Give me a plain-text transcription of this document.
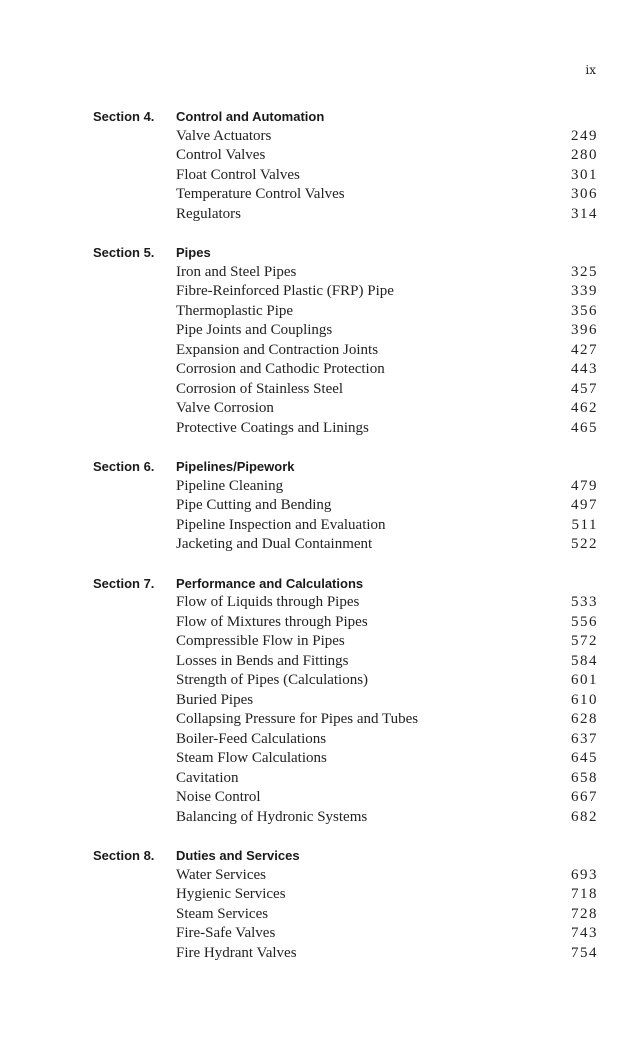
ix
Section 4.	Control and Automation
Valve Actuators	249
Control Valves	280
Float Control Valves	301
Temperature Control Valves	306
Regulators	314
Section 5.	Pipes
Iron and Steel Pipes	325
Fibre-Reinforced Plastic (FRP) Pipe	339
Thermoplastic Pipe	356
Pipe Joints and Couplings	396
Expansion and Contraction Joints	427
Corrosion and Cathodic Protection	443
Corrosion of Stainless Steel	457
Valve Corrosion	462
Protective Coatings and Linings	465
Section 6.	Pipelines/Pipework
Pipeline Cleaning	479
Pipe Cutting and Bending	497
Pipeline Inspection and Evaluation	511
Jacketing and Dual Containment	522
Section 7.	Performance and Calculations
Flow of Liquids through Pipes	533
Flow of Mixtures through Pipes	556
Compressible Flow in Pipes	572
Losses in Bends and Fittings	584
Strength of Pipes (Calculations)	601
Buried Pipes	610
Collapsing Pressure for Pipes and Tubes	628
Boiler-Feed Calculations	637
Steam Flow Calculations	645
Cavitation	658
Noise Control	667
Balancing of Hydronic Systems	682
Section 8.	Duties and Services
Water Services	693
Hygienic Services	718
Steam Services	728
Fire-Safe Valves	743
Fire Hydrant Valves	754
